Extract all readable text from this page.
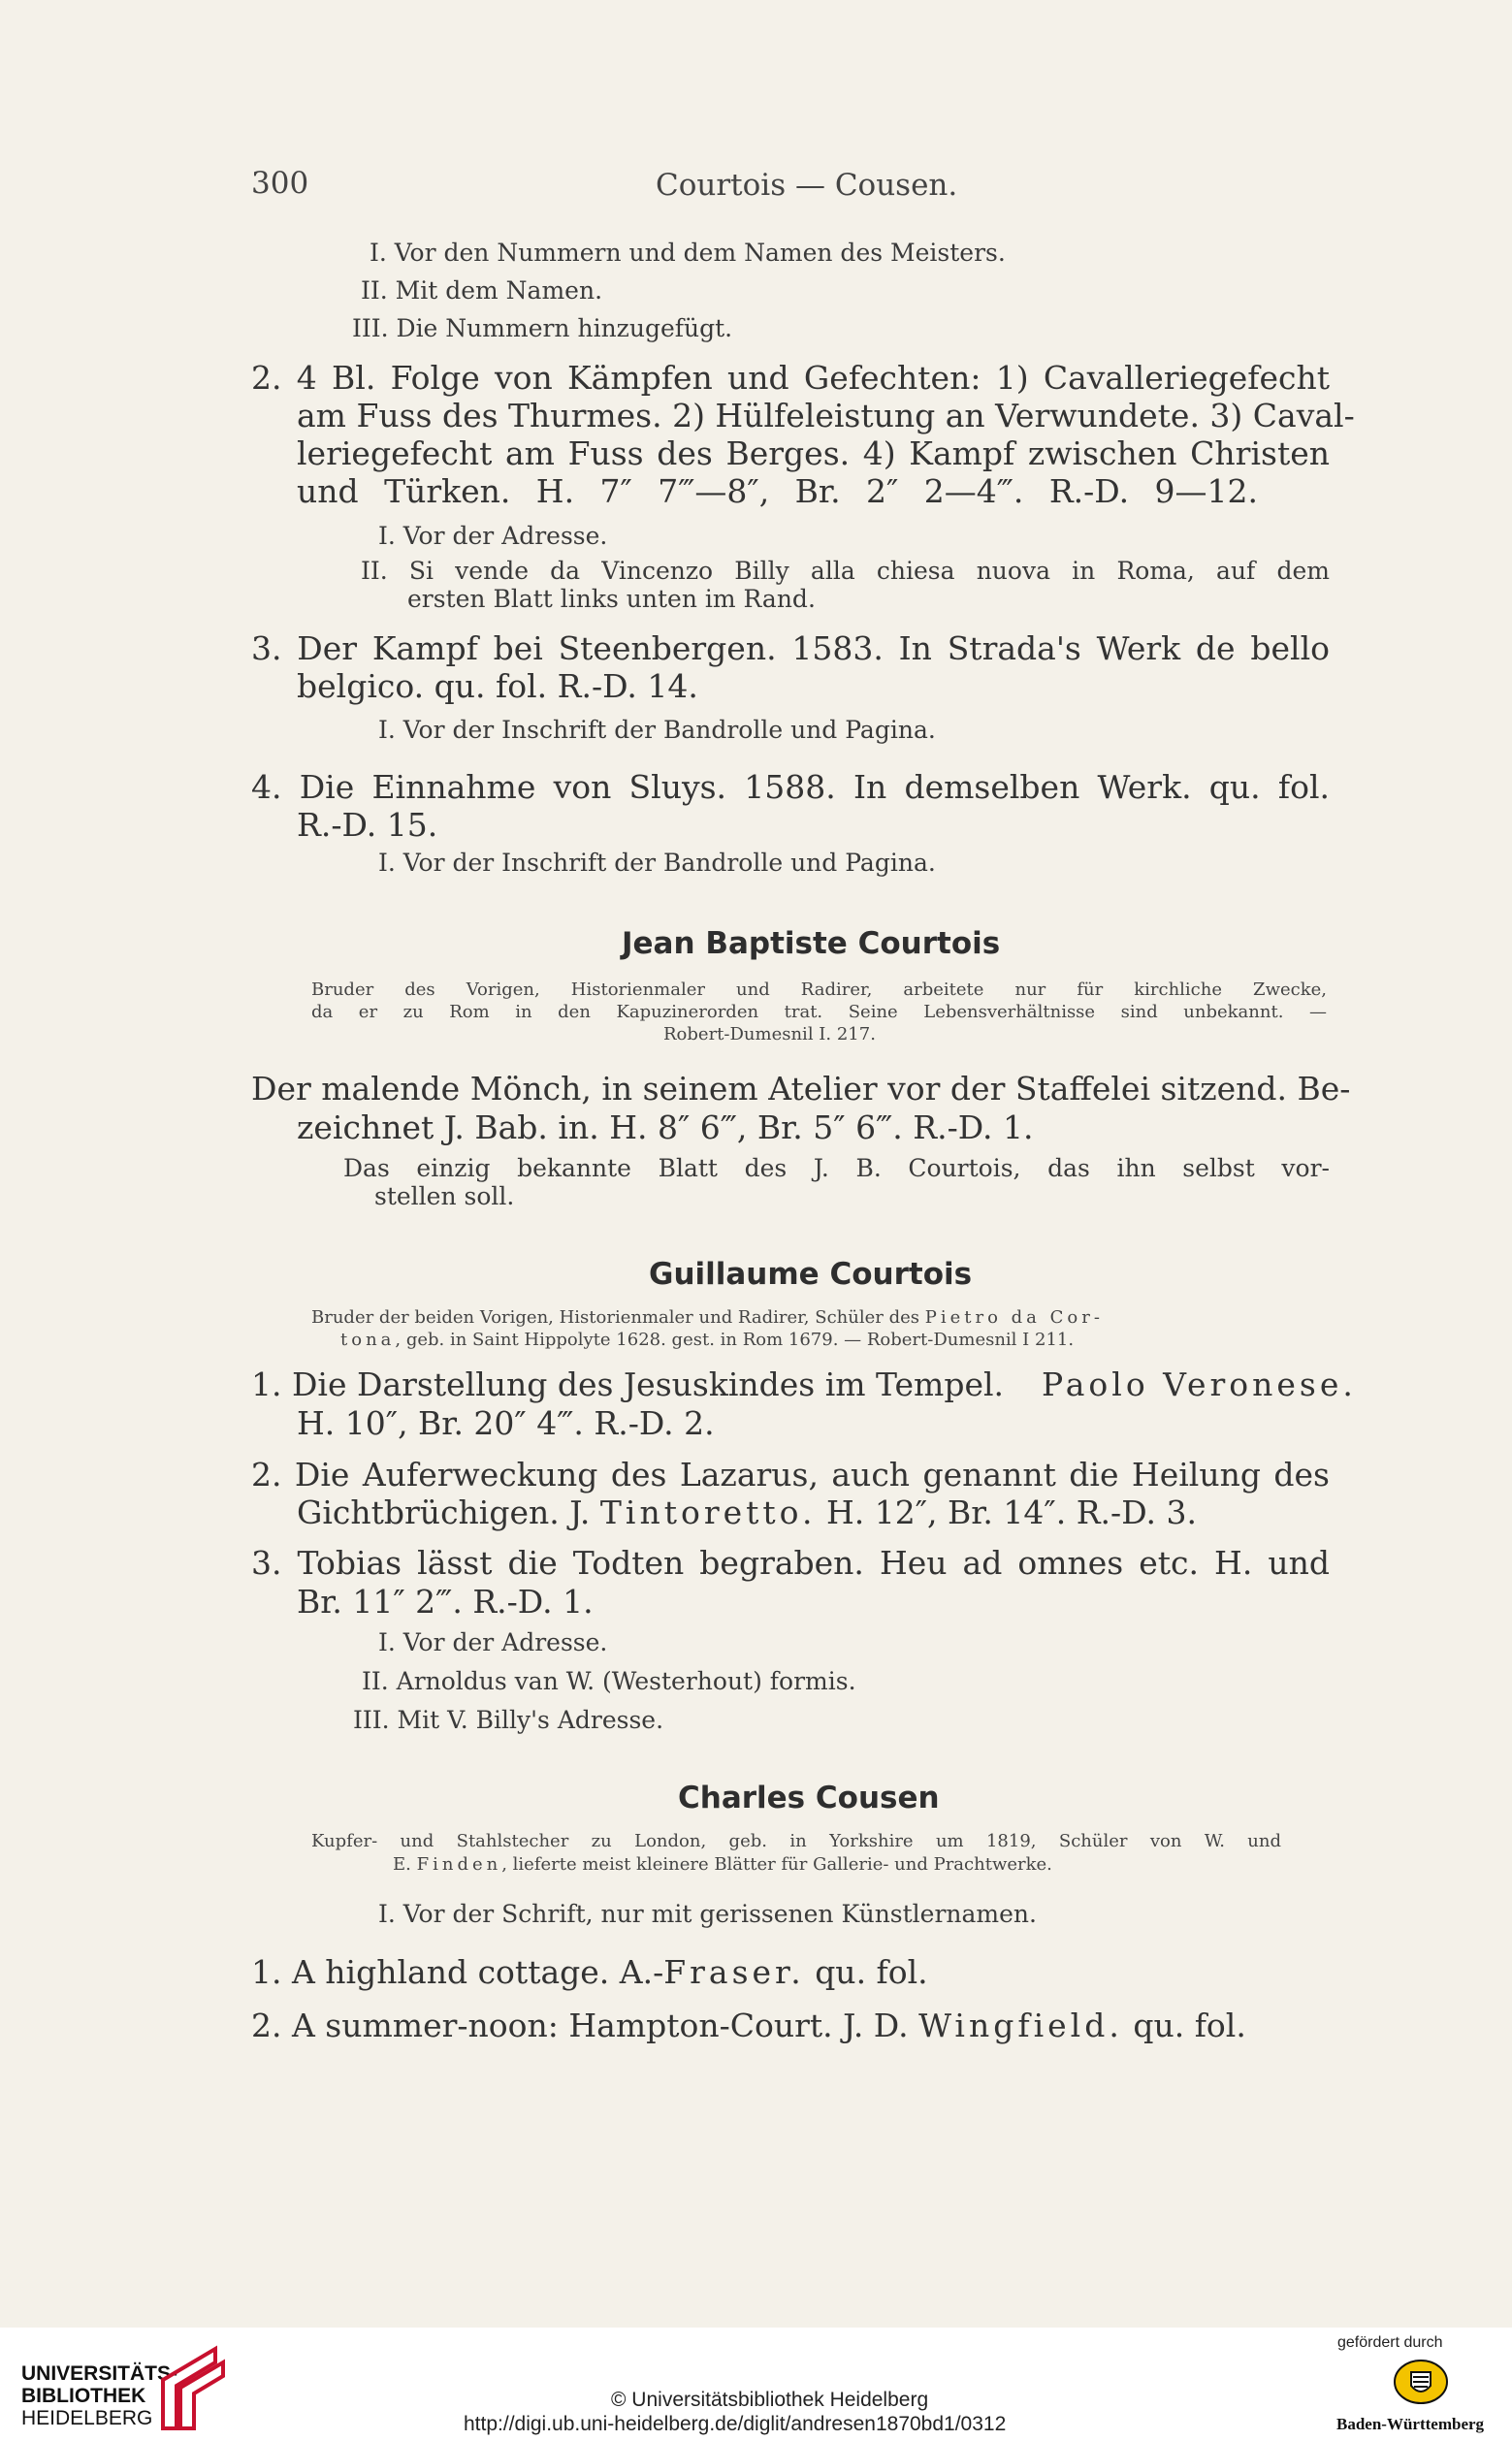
300	Courtois — Cousen.
I. Vor den Nummern und dem Namen des Meisters.
II. Mit dem Namen.
III. Die Nummern hinzugefügt.
2. 4 Bl. Folge von Kämpfen und Gefechten: 1) Cavalleriegefecht
am Fuss des Thurmes. 2) Hülfeleistung an Verwundete. 3) Caval-
leriegefecht am Fuss des Berges. 4) Kampf zwischen Christen
und Türken. H. 7″ 7‴—8″, Br. 2″ 2—4‴. R.-D. 9—12.
I. Vor der Adresse.
II. Si vende da Vincenzo Billy alla chiesa nuova in Roma, auf dem
ersten Blatt links unten im Rand.
3. Der Kampf bei Steenbergen. 1583. In Strada's Werk de bello
belgico. qu. fol. R.-D. 14.
I. Vor der Inschrift der Bandrolle und Pagina.
4. Die Einnahme von Sluys. 1588. In demselben Werk. qu. fol.
R.-D. 15.
I. Vor der Inschrift der Bandrolle und Pagina.
Jean Baptiste Courtois
Bruder des Vorigen, Historienmaler und Radirer, arbeitete nur für kirchliche Zwecke,
da er zu Rom in den Kapuzinerorden trat. Seine Lebensverhältnisse sind unbekannt. —
Robert-Dumesnil I. 217.
Der malende Mönch, in seinem Atelier vor der Staffelei sitzend. Be-
zeichnet J. Bab. in. H. 8″ 6‴, Br. 5″ 6‴. R.-D. 1.
Das einzig bekannte Blatt des J. B. Courtois, das ihn selbst vor-
stellen soll.
Guillaume Courtois
Bruder der beiden Vorigen, Historienmaler und Radirer, Schüler des Pietro da Cor-
tona, geb. in Saint Hippolyte 1628. gest. in Rom 1679. — Robert-Dumesnil I 211.
1. Die Darstellung des Jesuskindes im Tempel. Paolo Veronese.
H. 10″, Br. 20″ 4‴. R.-D. 2.
2. Die Auferweckung des Lazarus, auch genannt die Heilung des
Gichtbrüchigen. J. Tintoretto. H. 12″, Br. 14″. R.-D. 3.
3. Tobias lässt die Todten begraben. Heu ad omnes etc. H. und
Br. 11″ 2‴. R.-D. 1.
I. Vor der Adresse.
II. Arnoldus van W. (Westerhout) formis.
III. Mit V. Billy's Adresse.
Charles Cousen
Kupfer- und Stahlstecher zu London, geb. in Yorkshire um 1819, Schüler von W. und
E. Finden, lieferte meist kleinere Blätter für Gallerie- und Prachtwerke.
I. Vor der Schrift, nur mit gerissenen Künstlernamen.
1. A highland cottage. A.-Fraser. qu. fol.
2. A summer-noon: Hampton-Court. J. D. Wingfield. qu. fol.
UNIVERSITÄTS-
BIBLIOTHEK
HEIDELBERG
© Universitätsbibliothek Heidelberg
http://digi.ub.uni-heidelberg.de/diglit/andresen1870bd1/0312
gefördert durch
Baden-Württemberg
